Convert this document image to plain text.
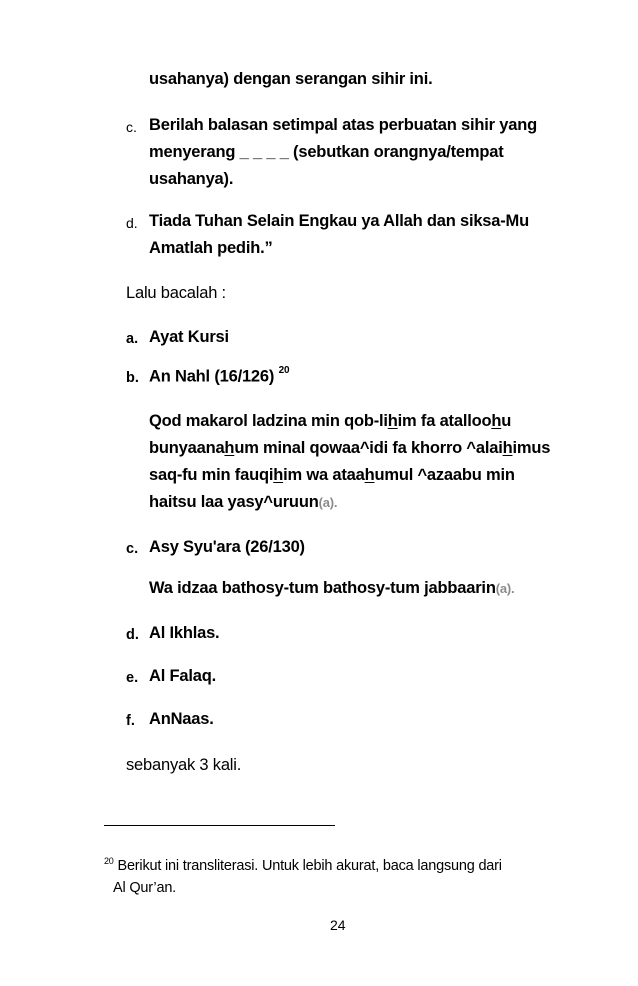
usahanya) dengan serangan sihir ini.
c. Berilah balasan setimpal atas perbuatan sihir yang
menyerang _ _ _ _ (sebutkan orangnya/tempat
usahanya).
d. Tiada Tuhan Selain Engkau ya Allah dan siksa-Mu
Amatlah pedih.”
Lalu bacalah :
a. Ayat Kursi
b. An Nahl (16/126) $^{20}$
Qod makarol ladzina min qob-lihim fa atalloohu
bunyaanahum minal qowaa^idi fa khorro ^alaihimus
saq-fu min fauqihim wa ataahumul ^azaabu min
haitsu laa yasy^uruun(a).
c. Asy Syu'ara (26/130)
Wa idzaa bathosy-tum bathosy-tum jabbaarin(a).
d. Al Ikhlas.
e. Al Falaq.
f. AnNaas.
sebanyak 3 kali.
$^{20}$ Berikut ini transliterasi. Untuk lebih akurat, baca langsung dari
Al Qur’an.
24
